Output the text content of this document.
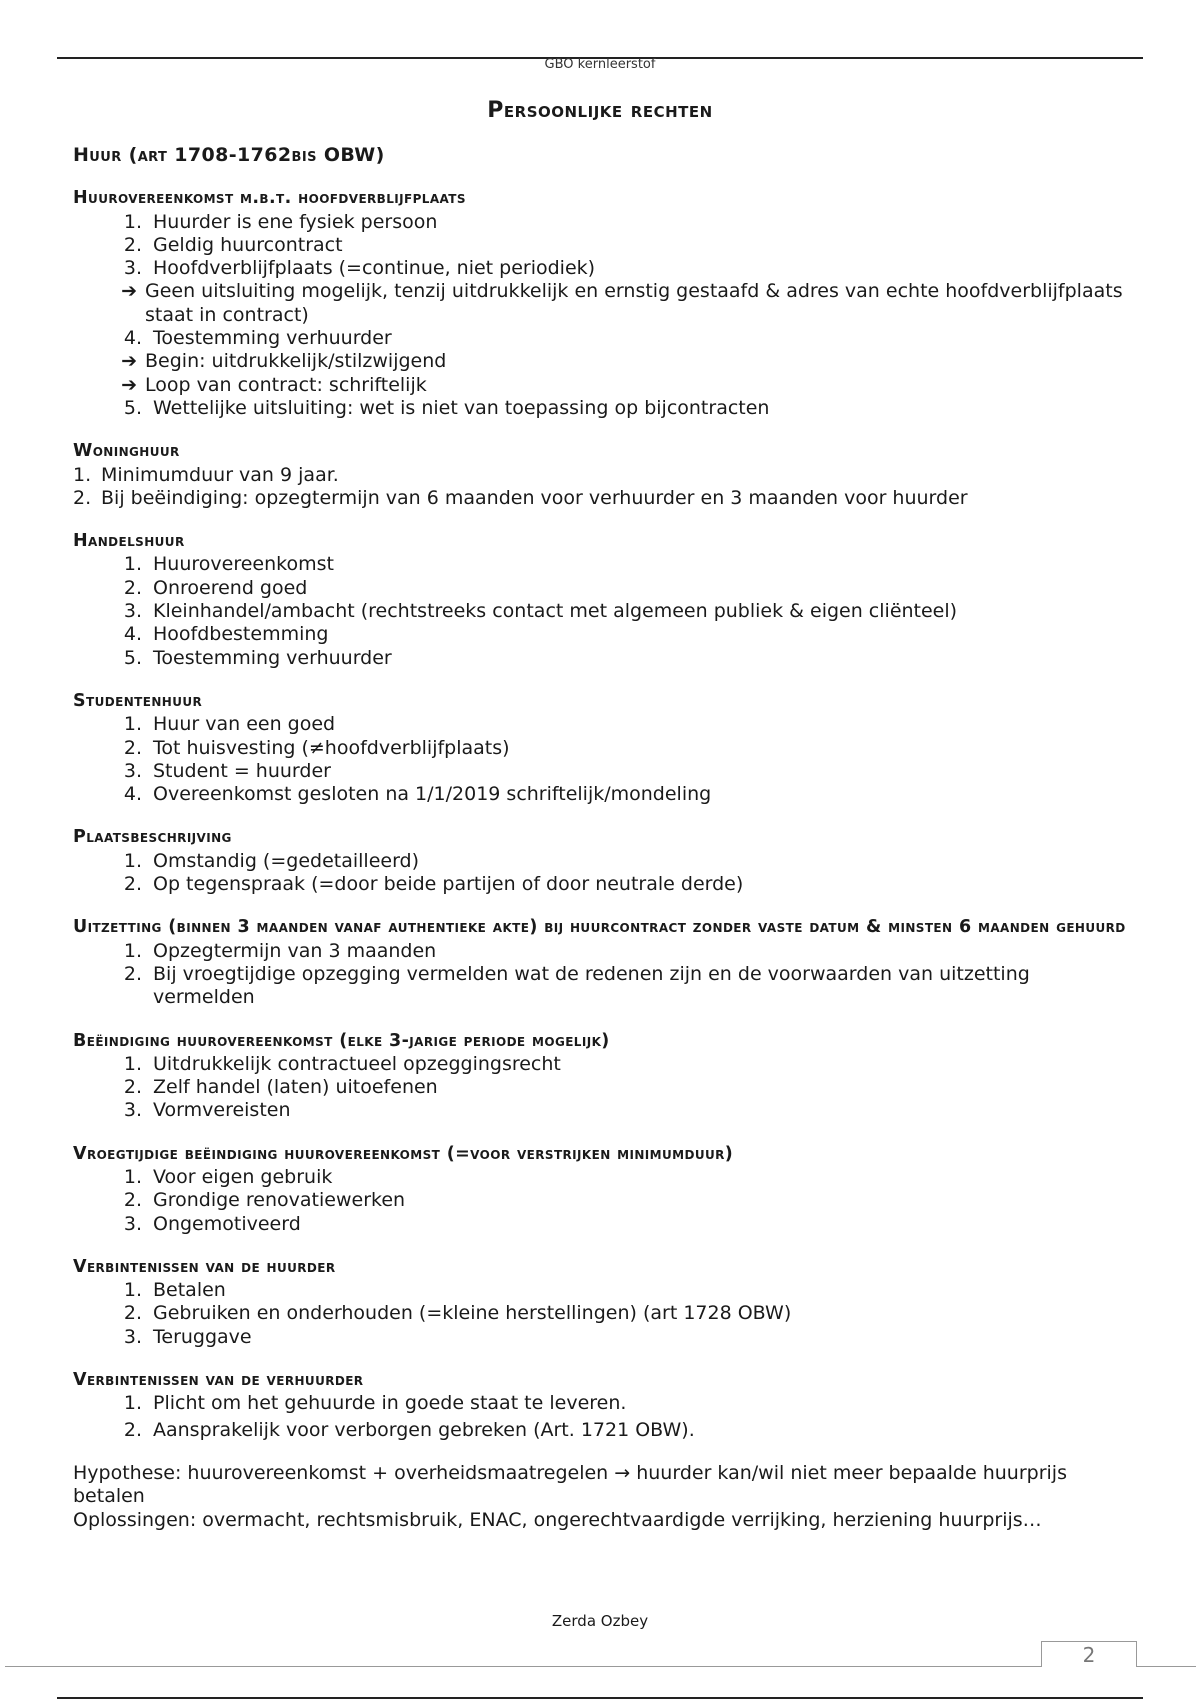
GBO kernleerstof
Persoonlijke rechten
Huur (art 1708-1762bis OBW)
Huurovereenkomst m.b.t. hoofdverblijfplaats
1. Huurder is ene fysiek persoon
2. Geldig huurcontract
3. Hoofdverblijfplaats (=continue, niet periodiek)
➔ Geen uitsluiting mogelijk, tenzij uitdrukkelijk en ernstig gestaafd & adres van echte hoofdverblijfplaats staat in contract)
4. Toestemming verhuurder
➔ Begin: uitdrukkelijk/stilzwijgend
➔ Loop van contract: schriftelijk
5. Wettelijke uitsluiting: wet is niet van toepassing op bijcontracten
Woninghuur
1. Minimumduur van 9 jaar.
2. Bij beëindiging: opzegtermijn van 6 maanden voor verhuurder en 3 maanden voor huurder
Handelshuur
1. Huurovereenkomst
2. Onroerend goed
3. Kleinhandel/ambacht (rechtstreeks contact met algemeen publiek & eigen cliënteel)
4. Hoofdbestemming
5. Toestemming verhuurder
Studentenhuur
1. Huur van een goed
2. Tot huisvesting (≠hoofdverblijfplaats)
3. Student = huurder
4. Overeenkomst gesloten na 1/1/2019 schriftelijk/mondeling
Plaatsbeschrijving
1. Omstandig (=gedetailleerd)
2. Op tegenspraak (=door beide partijen of door neutrale derde)
Uitzetting (binnen 3 maanden vanaf authentieke akte) bij huurcontract zonder vaste datum & minsten 6 maanden gehuurd
1. Opzegtermijn van 3 maanden
2. Bij vroegtijdige opzegging vermelden wat de redenen zijn en de voorwaarden van uitzetting vermelden
Beëindiging huurovereenkomst (elke 3-jarige periode mogelijk)
1. Uitdrukkelijk contractueel opzeggingsrecht
2. Zelf handel (laten) uitoefenen
3. Vormvereisten
Vroegtijdige beëindiging huurovereenkomst (=voor verstrijken minimumduur)
1. Voor eigen gebruik
2. Grondige renovatiewerken
3. Ongemotiveerd
Verbintenissen van de huurder
1. Betalen
2. Gebruiken en onderhouden (=kleine herstellingen) (art 1728 OBW)
3. Teruggave
Verbintenissen van de verhuurder
1. Plicht om het gehuurde in goede staat te leveren.
2. Aansprakelijk voor verborgen gebreken (Art. 1721 OBW).

Hypothese: huurovereenkomst + overheidsmaatregelen → huurder kan/wil niet meer bepaalde huurprijs betalen

Oplossingen: overmacht, rechtsmisbruik, ENAC, ongerechtvaardigde verrijking, herziening huurprijs…

Zerda Ozbey
2
